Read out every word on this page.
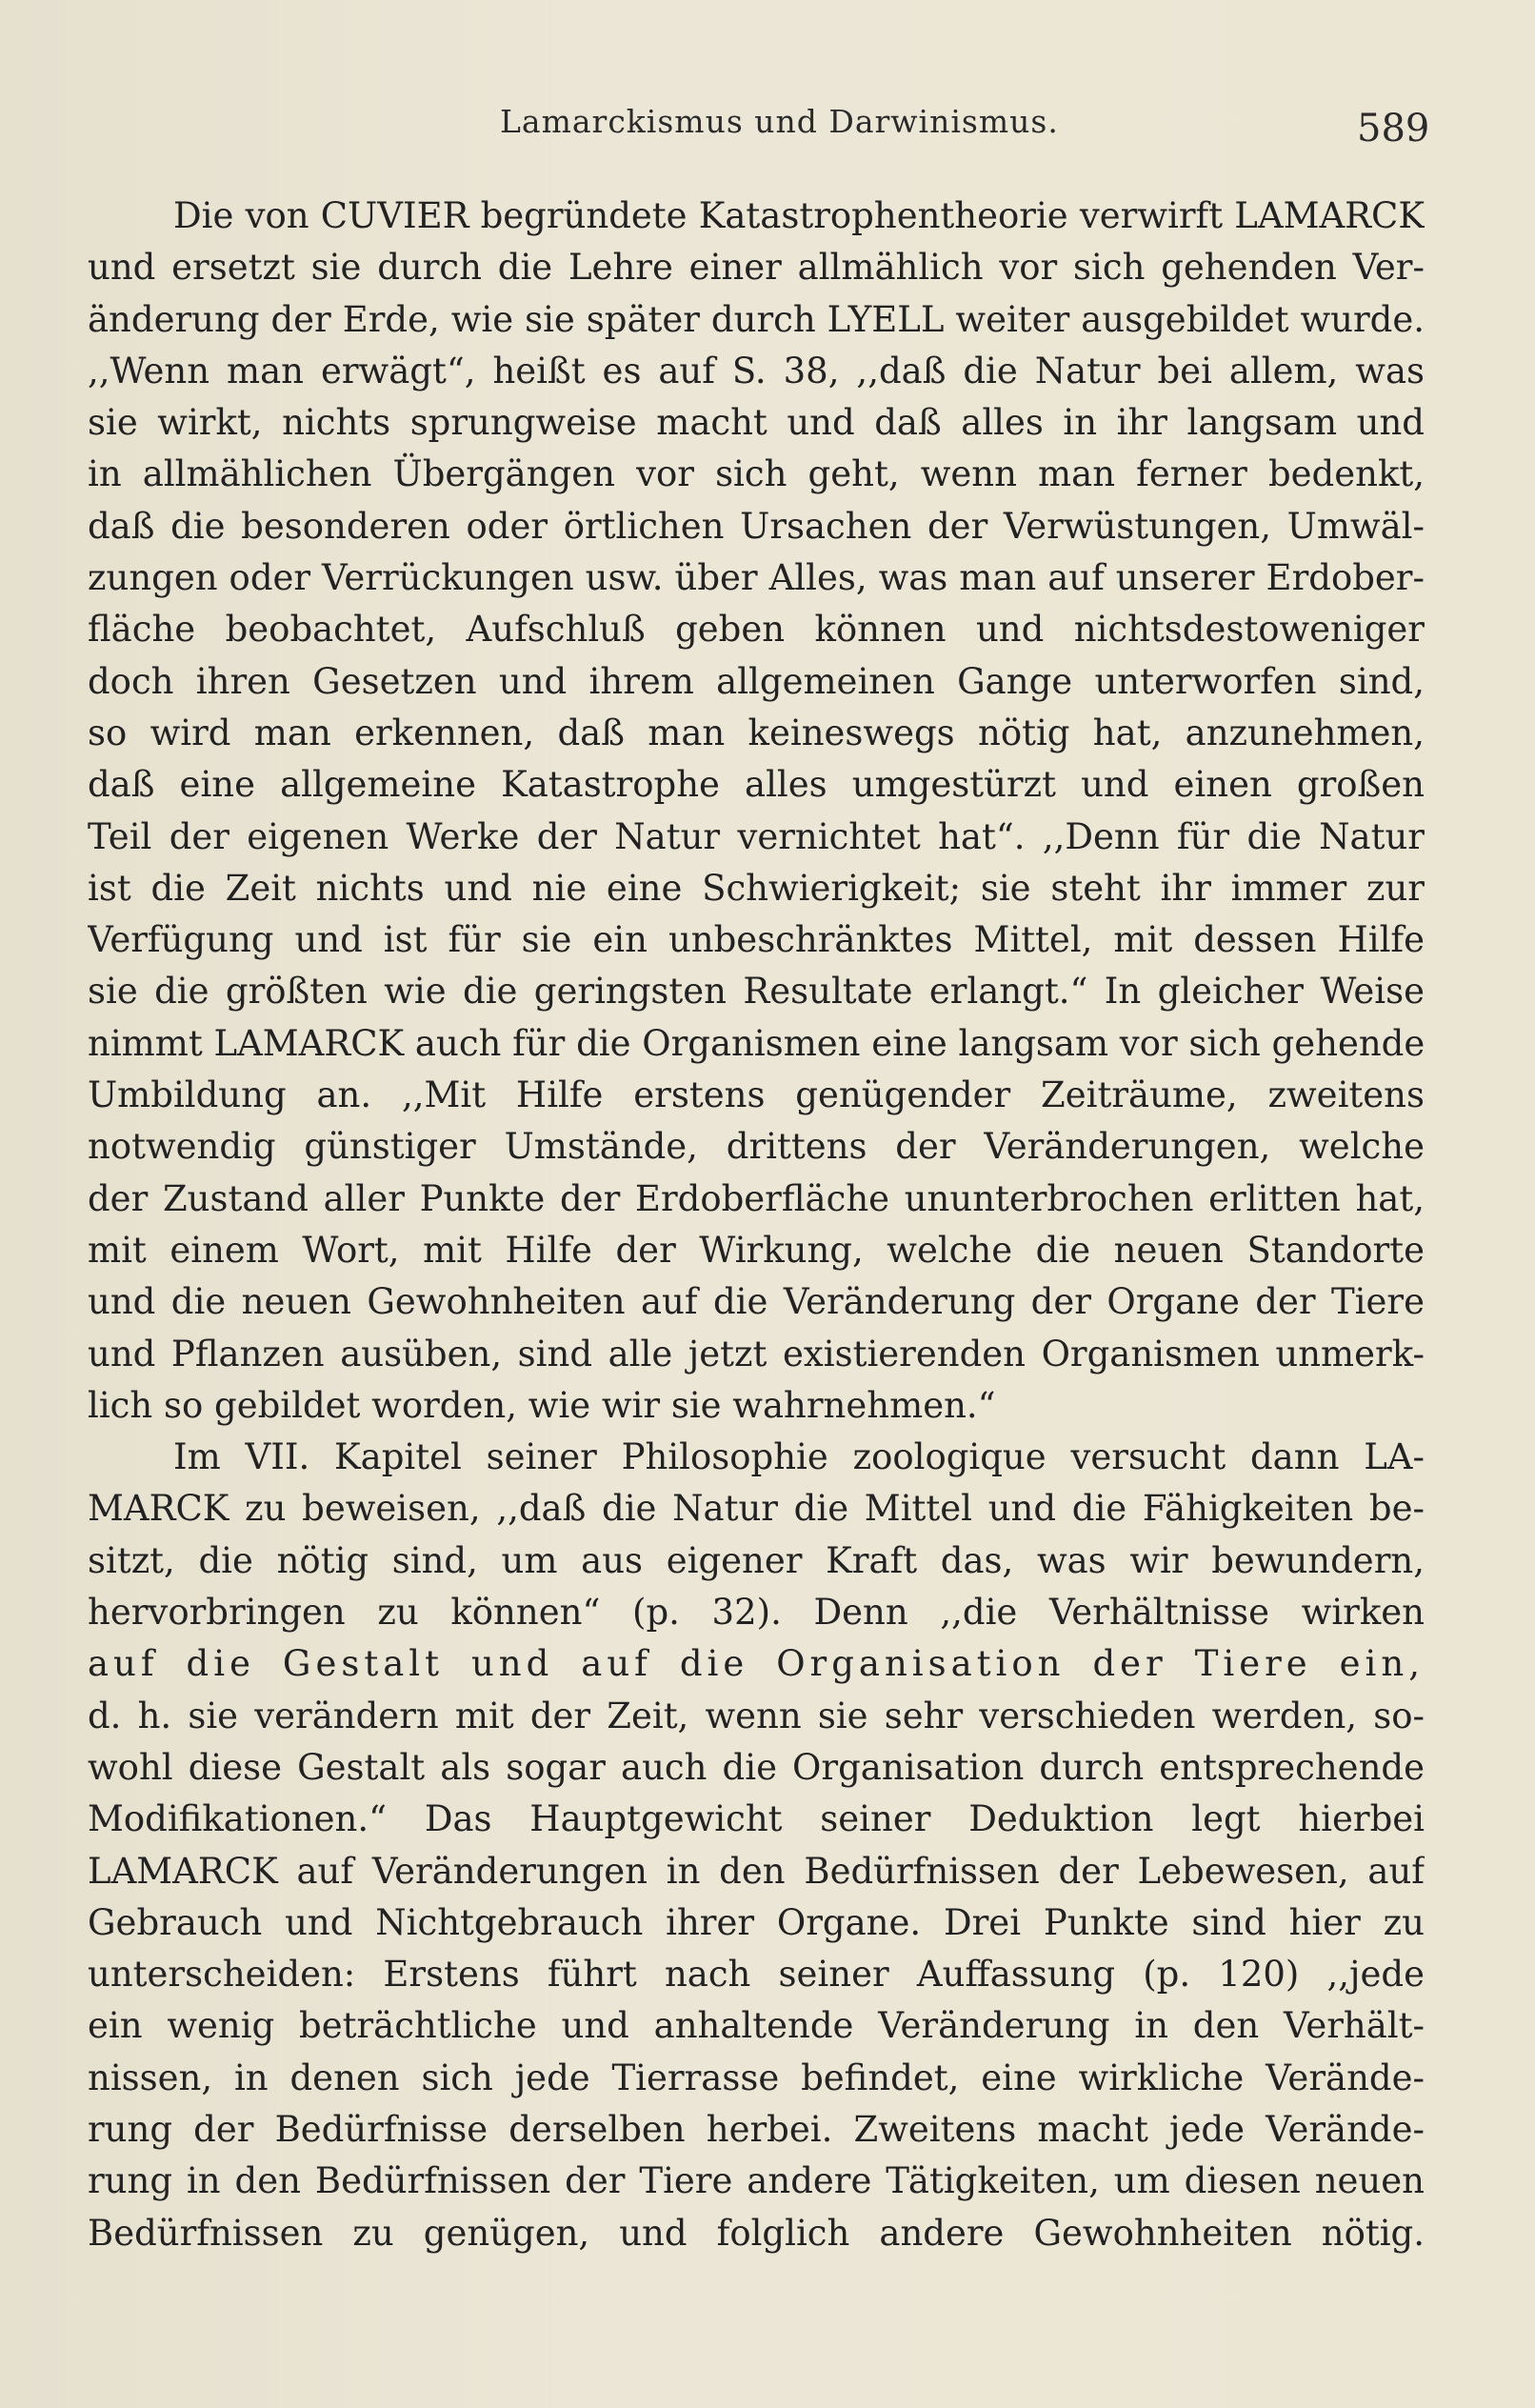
Lamarckismus und Darwinismus.	589
Die von CUVIER begründete Katastrophentheorie verwirft LAMARCK
und ersetzt sie durch die Lehre einer allmählich vor sich gehenden Ver-
änderung der Erde, wie sie später durch LYELL weiter ausgebildet wurde.
,,Wenn man erwägt“, heißt es auf S. 38, ,,daß die Natur bei allem, was
sie wirkt, nichts sprungweise macht und daß alles in ihr langsam und
in allmählichen Übergängen vor sich geht, wenn man ferner bedenkt,
daß die besonderen oder örtlichen Ursachen der Verwüstungen, Umwäl-
zungen oder Verrückungen usw. über Alles, was man auf unserer Erdober-
fläche beobachtet, Aufschluß geben können und nichtsdestoweniger
doch ihren Gesetzen und ihrem allgemeinen Gange unterworfen sind,
so wird man erkennen, daß man keineswegs nötig hat, anzunehmen,
daß eine allgemeine Katastrophe alles umgestürzt und einen großen
Teil der eigenen Werke der Natur vernichtet hat“. ,,Denn für die Natur
ist die Zeit nichts und nie eine Schwierigkeit; sie steht ihr immer zur
Verfügung und ist für sie ein unbeschränktes Mittel, mit dessen Hilfe
sie die größten wie die geringsten Resultate erlangt.“ In gleicher Weise
nimmt LAMARCK auch für die Organismen eine langsam vor sich gehende
Umbildung an. ,,Mit Hilfe erstens genügender Zeiträume, zweitens
notwendig günstiger Umstände, drittens der Veränderungen, welche
der Zustand aller Punkte der Erdoberfläche ununterbrochen erlitten hat,
mit einem Wort, mit Hilfe der Wirkung, welche die neuen Standorte
und die neuen Gewohnheiten auf die Veränderung der Organe der Tiere
und Pflanzen ausüben, sind alle jetzt existierenden Organismen unmerk-
lich so gebildet worden, wie wir sie wahrnehmen.“
Im VII. Kapitel seiner Philosophie zoologique versucht dann LA-
MARCK zu beweisen, ,,daß die Natur die Mittel und die Fähigkeiten be-
sitzt, die nötig sind, um aus eigener Kraft das, was wir bewundern,
hervorbringen zu können“ (p. 32). Denn ,,die Verhältnisse wirken
auf die Gestalt und auf die Organisation der Tiere ein,
d. h. sie verändern mit der Zeit, wenn sie sehr verschieden werden, so-
wohl diese Gestalt als sogar auch die Organisation durch entsprechende
Modifikationen.“ Das Hauptgewicht seiner Deduktion legt hierbei
LAMARCK auf Veränderungen in den Bedürfnissen der Lebewesen, auf
Gebrauch und Nichtgebrauch ihrer Organe. Drei Punkte sind hier zu
unterscheiden: Erstens führt nach seiner Auffassung (p. 120) ,,jede
ein wenig beträchtliche und anhaltende Veränderung in den Verhält-
nissen, in denen sich jede Tierrasse befindet, eine wirkliche Verände-
rung der Bedürfnisse derselben herbei. Zweitens macht jede Verände-
rung in den Bedürfnissen der Tiere andere Tätigkeiten, um diesen neuen
Bedürfnissen zu genügen, und folglich andere Gewohnheiten nötig.
